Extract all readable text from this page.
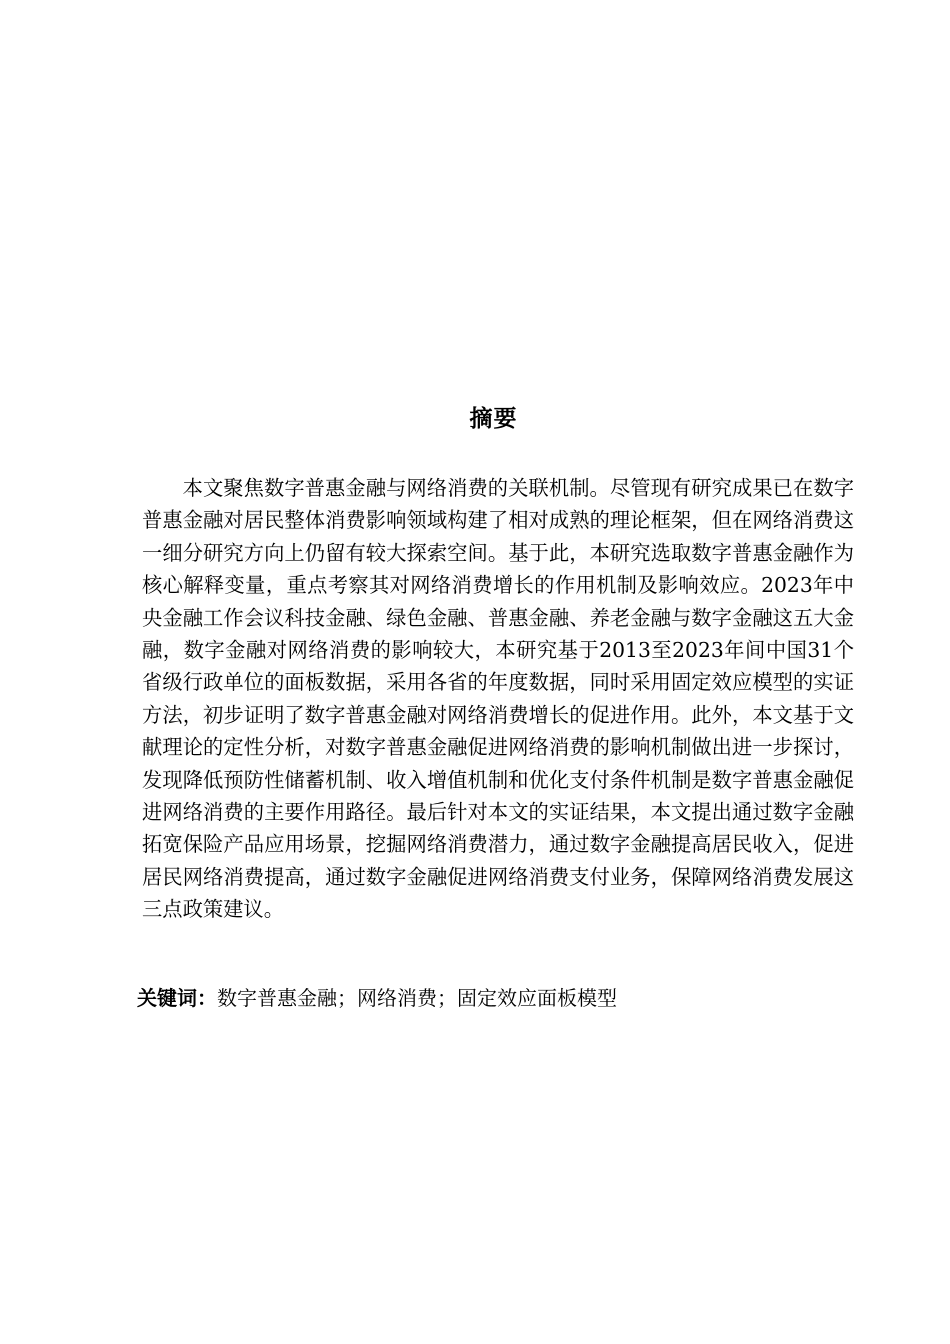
摘要

本文聚焦数字普惠金融与网络消费的关联机制。尽管现有研究成果已在数字普惠金融对居民整体消费影响领域构建了相对成熟的理论框架，但在网络消费这一细分研究方向上仍留有较大探索空间。基于此，本研究选取数字普惠金融作为核心解释变量，重点考察其对网络消费增长的作用机制及影响效应。2023年中央金融工作会议科技金融、绿色金融、普惠金融、养老金融与数字金融这五大金融，数字金融对网络消费的影响较大，本研究基于2013至2023年间中国31个省级行政单位的面板数据，采用各省的年度数据，同时采用固定效应模型的实证方法，初步证明了数字普惠金融对网络消费增长的促进作用。此外，本文基于文献理论的定性分析，对数字普惠金融促进网络消费的影响机制做出进一步探讨，发现降低预防性储蓄机制、收入增值机制和优化支付条件机制是数字普惠金融促进网络消费的主要作用路径。最后针对本文的实证结果，本文提出通过数字金融拓宽保险产品应用场景，挖掘网络消费潜力，通过数字金融提高居民收入，促进居民网络消费提高，通过数字金融促进网络消费支付业务，保障网络消费发展这三点政策建议。

关键词：数字普惠金融；网络消费；固定效应面板模型
